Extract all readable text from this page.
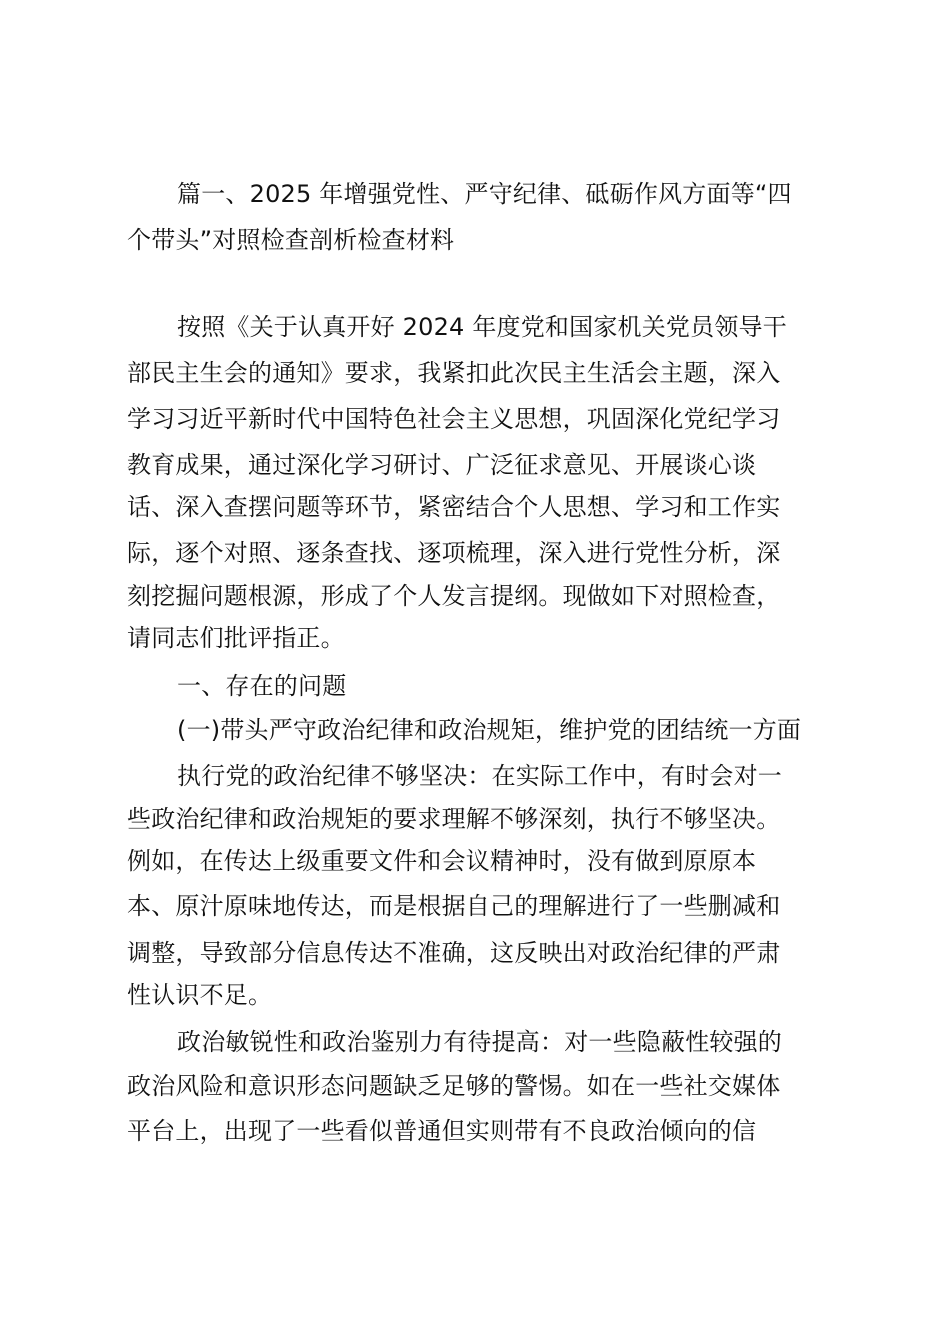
篇一、2025 年增强党性、严守纪律、砥砺作风方面等“四
个带头”对照检查剖析检查材料
按照《关于认真开好 2024 年度党和国家机关党员领导干
部民主生会的通知》要求，我紧扣此次民主生活会主题，深入
学习习近平新时代中国特色社会主义思想，巩固深化党纪学习
教育成果，通过深化学习研讨、广泛征求意见、开展谈心谈
话、深入查摆问题等环节，紧密结合个人思想、学习和工作实
际，逐个对照、逐条查找、逐项梳理，深入进行党性分析，深
刻挖掘问题根源，形成了个人发言提纲。现做如下对照检查，
请同志们批评指正。
一、存在的问题
(一)带头严守政治纪律和政治规矩，维护党的团结统一方面
执行党的政治纪律不够坚决：在实际工作中，有时会对一
些政治纪律和政治规矩的要求理解不够深刻，执行不够坚决。
例如，在传达上级重要文件和会议精神时，没有做到原原本
本、原汁原味地传达，而是根据自己的理解进行了一些删减和
调整，导致部分信息传达不准确，这反映出对政治纪律的严肃
性认识不足。
政治敏锐性和政治鉴别力有待提高：对一些隐蔽性较强的
政治风险和意识形态问题缺乏足够的警惕。如在一些社交媒体
平台上，出现了一些看似普通但实则带有不良政治倾向的信
